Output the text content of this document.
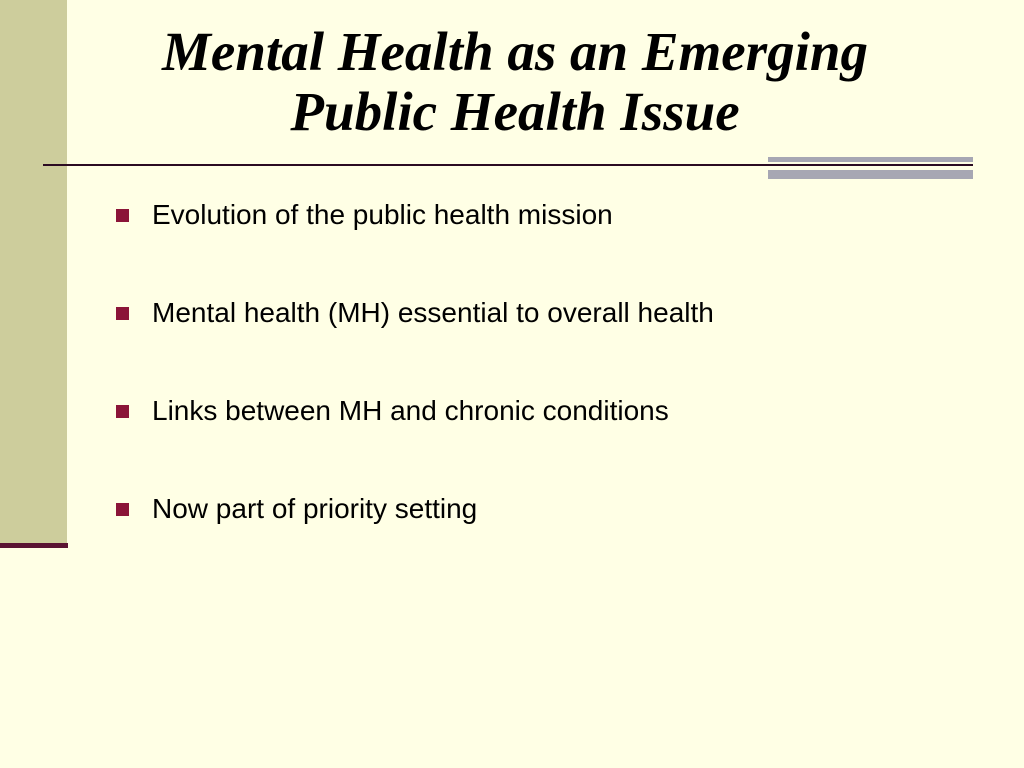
Mental Health as an Emerging
Public Health Issue
Evolution of the public health mission
Mental health (MH) essential to overall health
Links between MH and chronic conditions
Now part of priority setting
